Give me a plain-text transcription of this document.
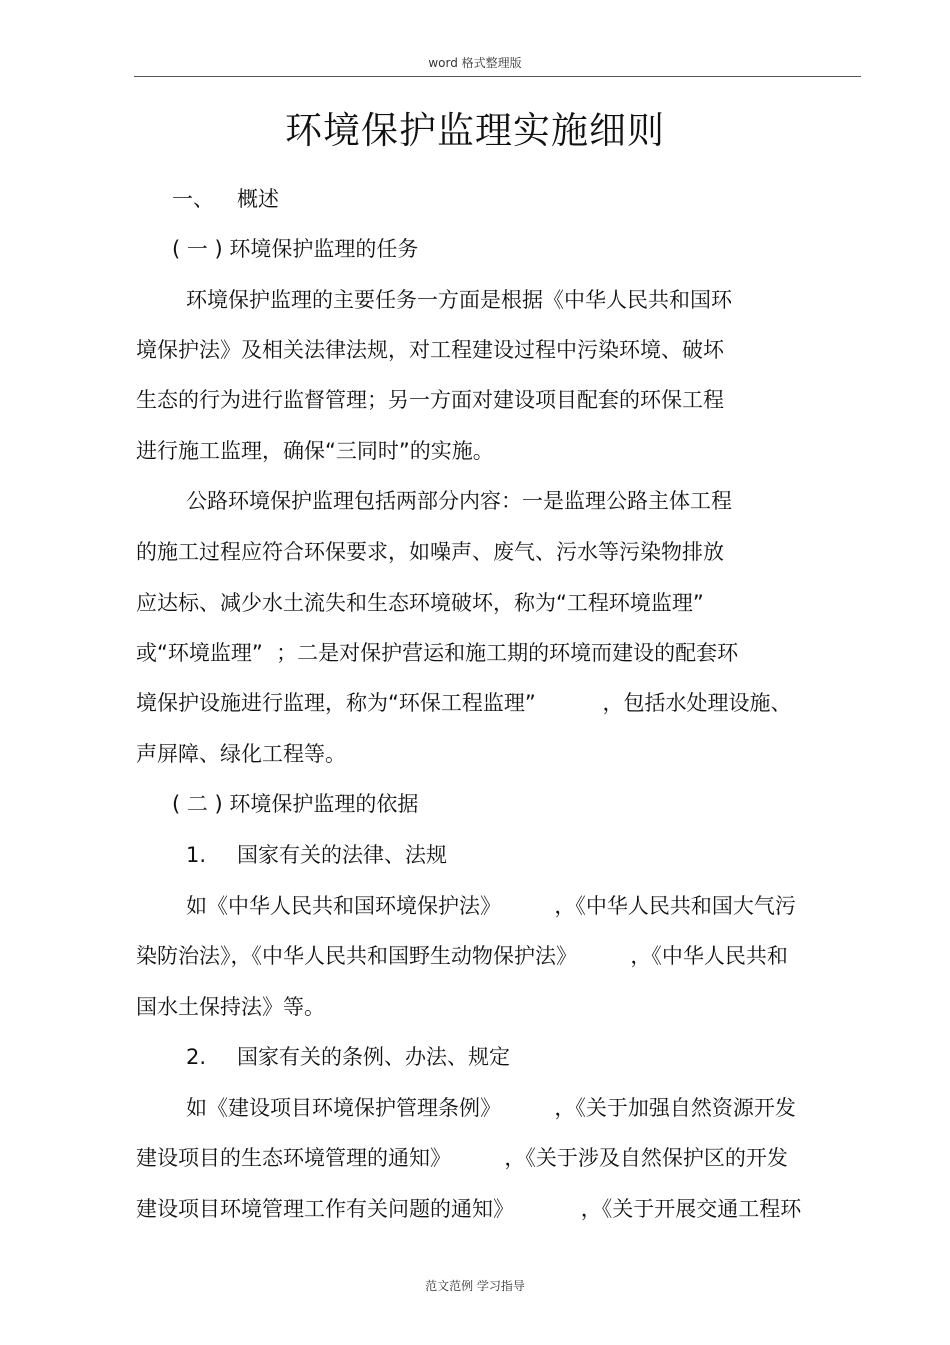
word 格式整理版
环境保护监理实施细则
一、 概述
( 一 ) 环境保护监理的任务
环境保护监理的主要任务一方面是根据《中华人民共和国环
境保护法》及相关法律法规，对工程建设过程中污染环境、破坏
生态的行为进行监督管理；另一方面对建设项目配套的环保工程
进行施工监理，确保“三同时”的实施。
公路环境保护监理包括两部分内容：一是监理公路主体工程
的施工过程应符合环保要求，如噪声、废气、污水等污染物排放
应达标、减少水土流失和生态环境破坏，称为“工程环境监理”
或“环境监理”  ；二是对保护营运和施工期的环境而建设的配套环
境保护设施进行监理，称为“环保工程监理”          ，包括水处理设施、
声屏障、绿化工程等。
( 二 ) 环境保护监理的依据
1. 国家有关的法律、法规
如《中华人民共和国环境保护法》        ，《中华人民共和国大气污
染防治法》，《中华人民共和国野生动物保护法》        ，《中华人民共和
国水土保持法》等。
2. 国家有关的条例、办法、规定
如《建设项目环境保护管理条例》        ，《关于加强自然资源开发
建设项目的生态环境管理的通知》        ，《关于涉及自然保护区的开发
建设项目环境管理工作有关问题的通知》          ，《关于开展交通工程环
范文范例 学习指导
